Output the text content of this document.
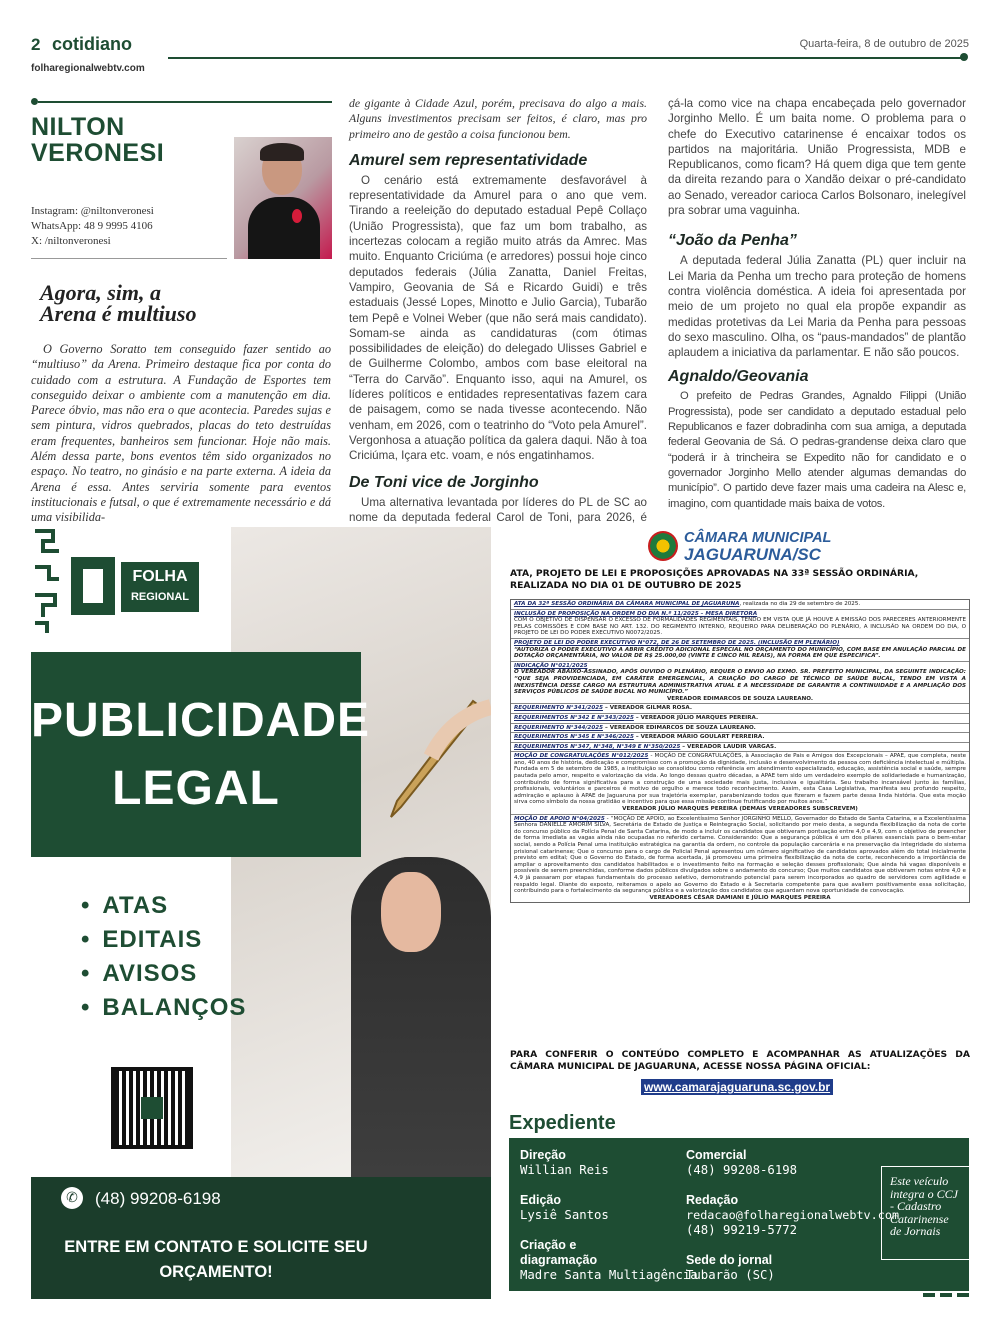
2 cotidiano
folharegionalwebtv.com
Quarta-feira, 8 de outubro de 2025
NILTON
VERONESI
Instagram: @niltonveronesi
WhatsApp: 48 9 9995 4106
X: /niltonveronesi
Agora, sim, a
Arena é multiuso
O Governo Soratto tem conseguido fazer sentido ao “multiuso” da Arena. Primeiro destaque fica por conta do cuidado com a estrutura. A Fundação de Esportes tem conseguido deixar o ambiente com a manutenção em dia. Parece óbvio, mas não era o que acontecia. Paredes sujas e sem pintura, vidros quebrados, placas do teto destruídas eram frequentes, banheiros sem funcionar. Hoje não mais. Além dessa parte, bons eventos têm sido organizados no espaço. No teatro, no ginásio e na parte externa. A ideia da Arena é essa. Antes serviria somente para eventos institucionais e futsal, o que é extremamente necessário e dá uma visibilida-

de gigante à Cidade Azul, porém, precisava do algo a mais. Alguns investimentos precisam ser feitos, é claro, mas pro primeiro ano de gestão a coisa funcionou bem.

Amurel sem representatividade

O cenário está extremamente desfavorável à representatividade da Amurel para o ano que vem. Tirando a reeleição do deputado estadual Pepê Collaço (União Progressista), que faz um bom trabalho, as incertezas colocam a região muito atrás da Amrec. Mas muito. Enquanto Criciúma (e arredores) possui hoje cinco deputados federais (Júlia Zanatta, Daniel Freitas, Vampiro, Geovania de Sá e Ricardo Guidi) e três estaduais (Jessé Lopes, Minotto e Julio Garcia), Tubarão tem Pepê e Volnei Weber (que não será mais candidato). Somam-se ainda as candidaturas (com ótimas possibilidades de eleição) do delegado Ulisses Gabriel e de Guilherme Colombo, ambos com base eleitoral na “Terra do Carvão”. Enquanto isso, aqui na Amurel, os líderes políticos e entidades representativas fazem cara de paisagem, como se nada tivesse acontecendo. Não venham, em 2026, com o teatrinho do “Voto pela Amurel”. Vergonhosa a atuação política da galera daqui. Não à toa Criciúma, Içara etc. voam, e nós engatinhamos.

De Toni vice de Jorginho

Uma alternativa levantada por líderes do PL de SC ao nome da deputada federal Carol de Toni, para 2026, é

çá-la como vice na chapa encabeçada pelo governador Jorginho Mello. É um baita nome. O problema para o chefe do Executivo catarinense é encaixar todos os partidos na majoritária. União Progressista, MDB e Republicanos, como ficam? Há quem diga que tem gente da direita rezando para o Xandão deixar o pré-candidato ao Senado, vereador carioca Carlos Bolsonaro, inelegível pra sobrar uma vaguinha.

“João da Penha”

A deputada federal Júlia Zanatta (PL) quer incluir na Lei Maria da Penha um trecho para proteção de homens contra violência doméstica. A ideia foi apresentada por meio de um projeto no qual ela propõe expandir as medidas protetivas da Lei Maria da Penha para pessoas do sexo masculino. Olha, os “paus-mandados” de plantão aplaudem a iniciativa da parlamentar. E não são poucos.

Agnaldo/Geovania

O prefeito de Pedras Grandes, Agnaldo Filippi (União Progressista), pode ser candidato a deputado estadual pelo Republicanos e fazer dobradinha com sua amiga, a deputada federal Geovania de Sá. O pedras-grandense deixa claro que “poderá ir à trincheira se Expedito não for candidato e o governador Jorginho Mello atender algumas demandas do município”. O partido deve fazer mais uma cadeira na Alesc e, imagino, com quantidade mais baixa de votos.

FOLHA
REGIONAL
PUBLICIDADE
LEGAL
• ATAS
• EDITAIS
• AVISOS
• BALANÇOS
✆	(48) 99208-6198
ENTRE EM CONTATO E SOLICITE SEU
ORÇAMENTO!
CÂMARA MUNICIPAL
JAGUARUNA/SC
ATA, PROJETO DE LEI E PROPOSIÇÕES APROVADAS NA 33ª SESSÃO ORDINÁRIA, REALIZADA NO DIA 01 DE OUTUBRO DE 2025
ATA DA 32ª SESSÃO ORDINÁRIA DA CÂMARA MUNICIPAL DE JAGUARUNA, realizada no dia 29 de setembro de 2025.
INCLUSÃO DE PROPOSIÇÃO NA ORDEM DO DIA N.º 11/2025 – MESA DIRETORA
COM O OBJETIVO DE DISPENSAR O EXCESSO DE FORMALIDADES REGIMENTAIS, TENDO EM VISTA QUE JÁ HOUVE A EMISSÃO DOS PARECERES ANTERIORMENTE PELAS COMISSÕES E COM BASE NO ART. 132. DO REGIMENTO INTERNO, REQUEIRO PARA DELIBERAÇÃO DO PLENÁRIO, A INCLUSÃO NA ORDEM DO DIA, O PROJETO DE LEI DO PODER EXECUTIVO N0072/2025.
PROJETO DE LEI DO PODER EXECUTIVO N°072, DE 26 DE SETEMBRO DE 2025. (INCLUSÃO EM PLENÁRIO)
“AUTORIZA O PODER EXECUTIVO A ABRIR CRÉDITO ADICIONAL ESPECIAL NO ORÇAMENTO DO MUNICÍPIO, COM BASE EM ANULAÇÃO PARCIAL DE DOTAÇÃO ORÇAMENTÁRIA, NO VALOR DE R$ 25.000,00 (VINTE E CINCO MIL REAIS), NA FORMA EM QUE ESPECIFICA”.
INDICAÇÃO N°021/2025
O VEREADOR ABAIXO-ASSINADO, APÓS OUVIDO O PLENÁRIO, REQUER O ENVIO AO EXMO. SR. PREFEITO MUNICIPAL, DA SEGUINTE INDICAÇÃO: “QUE SEJA PROVIDENCIADA, EM CARÁTER EMERGENCIAL, A CRIAÇÃO DO CARGO DE TÉCNICO DE SAÚDE BUCAL, TENDO EM VISTA A INEXISTÊNCIA DESSE CARGO NA ESTRUTURA ADMINISTRATIVA ATUAL E A NECESSIDADE DE GARANTIR A CONTINUIDADE E A AMPLIAÇÃO DOS SERVIÇOS PÚBLICOS DE SAÚDE BUCAL NO MUNICÍPIO.”
VEREADOR EDIMARCOS DE SOUZA LAUREANO.
REQUERIMENTO N°341/2025 – VEREADOR GILMAR ROSA.
REQUERIMENTOS N°342 E N°343/2025 – VEREADOR JÚLIO MARQUES PEREIRA.
REQUERIMENTO N°344/2025 – VEREADOR EDIMARCOS DE SOUZA LAUREANO.
REQUERIMENTOS N°345 E N°346/2025 – VEREADOR MÁRIO GOULART FERREIRA.
REQUERIMENTOS N°347, N°348, N°349 E N°350/2025 – VEREADOR LAUDIR VARGAS.
MOÇÃO DE CONGRATULAÇÕES N°012/2025 - MOÇÃO DE CONGRATULAÇÕES, à Associação de Pais e Amigos dos Excepcionais – APAE, que completa, neste ano, 40 anos de história, dedicação e compromisso com a promoção da dignidade, inclusão e desenvolvimento da pessoa com deficiência intelectual e múltipla. Fundada em 5 de setembro de 1985, a instituição se consolidou como referência em atendimento especializado, educação, assistência social e saúde, sempre pautada pelo amor, respeito e valorização da vida. Ao longo dessas quatro décadas, a APAE tem sido um verdadeiro exemplo de solidariedade e humanização, contribuindo de forma significativa para a construção de uma sociedade mais justa, inclusiva e igualitária. Seu trabalho incansável junto às famílias, profissionais, voluntários e parceiros é motivo de orgulho e merece todo reconhecimento. Assim, esta Casa Legislativa, manifesta seu profundo respeito, admiração e aplauso à APAE de Jaguaruna por sua trajetória exemplar, parabenizando todos que fizeram e fazem parte dessa linda história. Que esta moção sirva como símbolo da nossa gratidão e incentivo para que essa missão continue frutificando por muitos anos.”
VEREADOR JÚLIO MARQUES PEREIRA (DEMAIS VEREADORES SUBSCREVEM)
MOÇÃO DE APOIO N°04/2025 - “MOÇÃO DE APOIO, ao Excelentíssimo Senhor JORGINHO MELLO, Governador do Estado de Santa Catarina, e a Excelentíssima Senhora DANIELLE AMORIM SILVA, Secretária de Estado de Justiça e Reintegração Social, solicitando por meio desta, a segunda flexibilização da nota de corte do concurso público da Polícia Penal de Santa Catarina, de modo a incluir os candidatos que obtiveram pontuação entre 4,0 e 4,9, com o objetivo de preencher de forma imediata as vagas ainda não ocupadas no referido certame. Considerando: Que a segurança pública é um dos pilares essenciais para o bem-estar social, sendo a Polícia Penal uma instituição estratégica na garantia da ordem, no controle da população carcerária e na preservação da integridade do sistema prisional catarinense; Que o concurso para o cargo de Policial Penal apresentou um número significativo de candidatos aprovados além do total inicialmente previsto em edital; Que o Governo do Estado, de forma acertada, já promoveu uma primeira flexibilização da nota de corte, reconhecendo a importância de ampliar o aproveitamento dos candidatos habilitados e o investimento feito na formação e seleção desses profissionais; Que ainda há vagas disponíveis e possíveis de serem preenchidas, conforme dados públicos divulgados sobre o andamento do concurso; Que muitos candidatos que obtiveram notas entre 4,0 e 4,9 já passaram por etapas fundamentais do processo seletivo, demonstrando potencial para serem incorporados ao quadro de servidores com agilidade e respaldo legal. Diante do exposto, reiteramos o apelo ao Governo do Estado e à Secretaria competente para que avaliem positivamente essa solicitação, contribuindo para o fortalecimento da segurança pública e a valorização dos candidatos que aguardam nova oportunidade de convocação.
VEREADORES CÉSAR DAMIANI E JÚLIO MARQUES PEREIRA
PARA CONFERIR O CONTEÚDO COMPLETO E ACOMPANHAR AS ATUALIZAÇÕES DA CÂMARA MUNICIPAL DE JAGUARUNA, ACESSE NOSSA PÁGINA OFICIAL:
www.camarajaguaruna.sc.gov.br
Expediente
Direção
Willian Reis
Edição
Lysiê Santos
Criação e
diagramação
Madre Santa Multiagência
Comercial
(48) 99208-6198
Redação
redacao@folharegionalwebtv.com
(48) 99219-5772
Sede do jornal
Tubarão (SC)
Este veículo integra o CCJ - Cadastro Catarinense de Jornais
